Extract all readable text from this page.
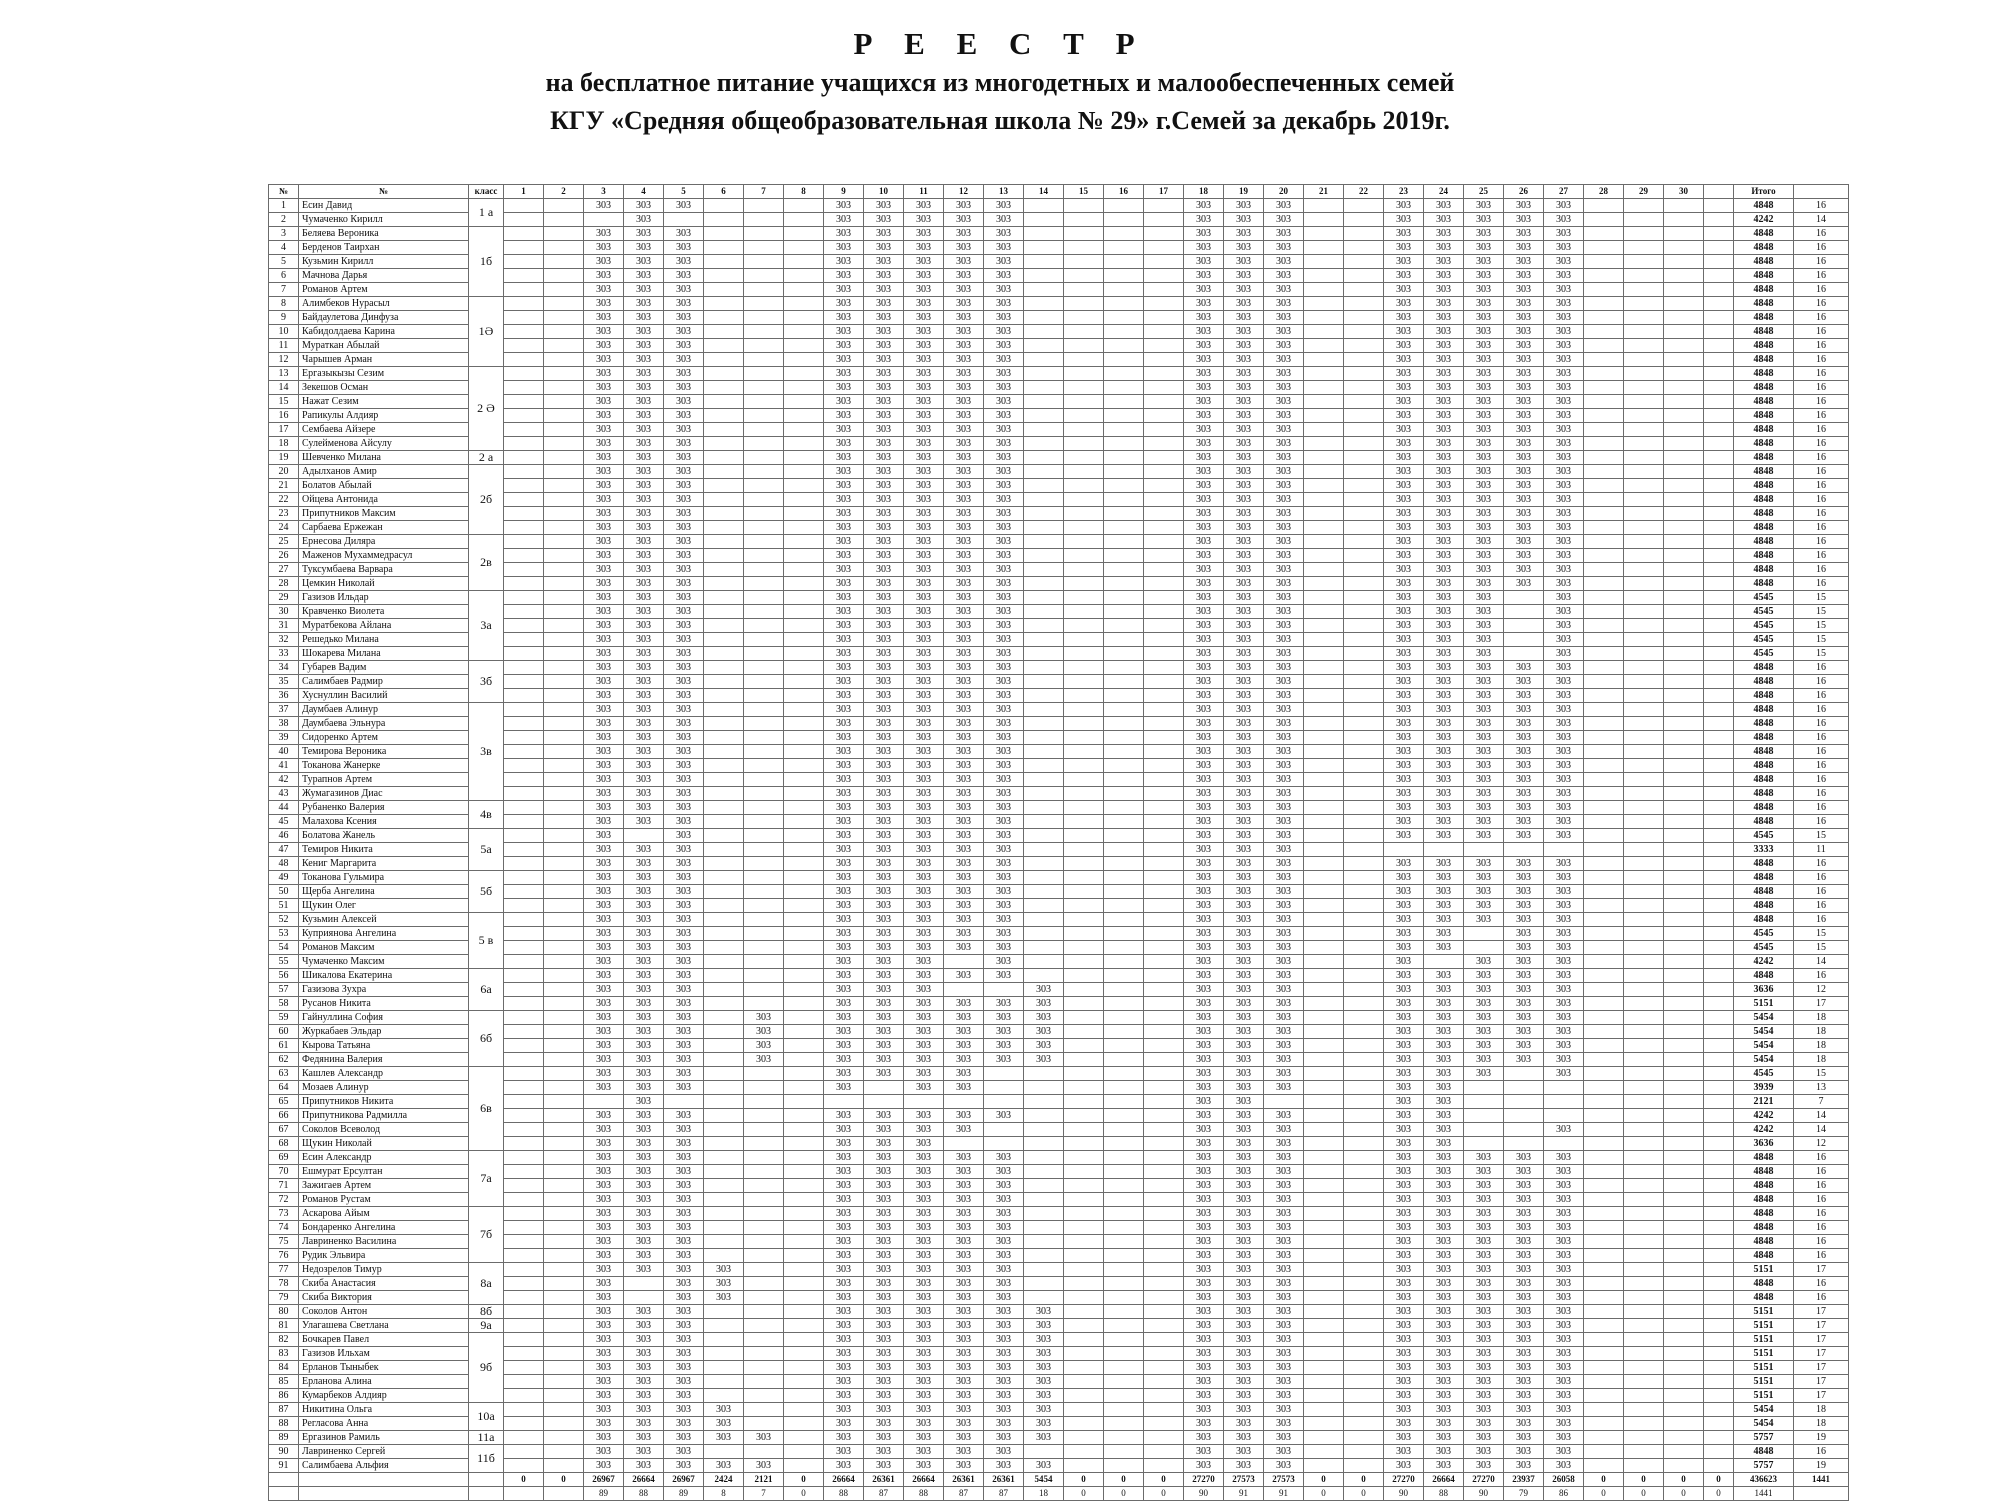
Р Е Е С Т Р
на бесплатное питание учащихся из многодетных и малообеспеченных семей
КГУ «Средняя общеобразовательная школа № 29» г.Семей за декабрь 2019г.
№	№	класс	1	2	3	4	5	6	7	8	9	10	11	12	13	14	15	16	17	18	19	20	21	22	23	24	25	26	27	28	29	30		Итого	
1	Есин Давид	1 а			303	303	303				303	303	303	303	303					303	303	303			303	303	303	303	303					4848	16
2	Чумаченко Кирилл					303					303	303	303	303	303					303	303	303			303	303	303	303	303					4242	14
3	Беляева Вероника	1б			303	303	303				303	303	303	303	303					303	303	303			303	303	303	303	303					4848	16
4	Берденов Таирхан				303	303	303				303	303	303	303	303					303	303	303			303	303	303	303	303					4848	16
5	Кузьмин Кирилл				303	303	303				303	303	303	303	303					303	303	303			303	303	303	303	303					4848	16
6	Мачнова Дарья				303	303	303				303	303	303	303	303					303	303	303			303	303	303	303	303					4848	16
7	Романов Артем				303	303	303				303	303	303	303	303					303	303	303			303	303	303	303	303					4848	16
8	Алимбеков Нурасыл	1Ә			303	303	303				303	303	303	303	303					303	303	303			303	303	303	303	303					4848	16
9	Байдаулетова Динфуза				303	303	303				303	303	303	303	303					303	303	303			303	303	303	303	303					4848	16
10	Кабидолдаева Карина				303	303	303				303	303	303	303	303					303	303	303			303	303	303	303	303					4848	16
11	Мураткан Абылай				303	303	303				303	303	303	303	303					303	303	303			303	303	303	303	303					4848	16
12	Чарышев Арман				303	303	303				303	303	303	303	303					303	303	303			303	303	303	303	303					4848	16
13	Ергазыкызы Сезим	2 Ә			303	303	303				303	303	303	303	303					303	303	303			303	303	303	303	303					4848	16
14	Зекешов Осман				303	303	303				303	303	303	303	303					303	303	303			303	303	303	303	303					4848	16
15	Нажат Сезим				303	303	303				303	303	303	303	303					303	303	303			303	303	303	303	303					4848	16
16	Рапикулы Алдияр				303	303	303				303	303	303	303	303					303	303	303			303	303	303	303	303					4848	16
17	Сембаева Айзере				303	303	303				303	303	303	303	303					303	303	303			303	303	303	303	303					4848	16
18	Сулейменова Айсулу				303	303	303				303	303	303	303	303					303	303	303			303	303	303	303	303					4848	16
19	Шевченко Милана	2 а			303	303	303				303	303	303	303	303					303	303	303			303	303	303	303	303					4848	16
20	Адылханов Амир	2б			303	303	303				303	303	303	303	303					303	303	303			303	303	303	303	303					4848	16
21	Болатов Абылай				303	303	303				303	303	303	303	303					303	303	303			303	303	303	303	303					4848	16
22	Ойцева Антонида				303	303	303				303	303	303	303	303					303	303	303			303	303	303	303	303					4848	16
23	Припутников Максим				303	303	303				303	303	303	303	303					303	303	303			303	303	303	303	303					4848	16
24	Сарбаева Ержежан				303	303	303				303	303	303	303	303					303	303	303			303	303	303	303	303					4848	16
25	Ернесова Диляра	2в			303	303	303				303	303	303	303	303					303	303	303			303	303	303	303	303					4848	16
26	Маженов Мухаммедрасул				303	303	303				303	303	303	303	303					303	303	303			303	303	303	303	303					4848	16
27	Туксумбаева Варвара				303	303	303				303	303	303	303	303					303	303	303			303	303	303	303	303					4848	16
28	Цемкин Николай				303	303	303				303	303	303	303	303					303	303	303			303	303	303	303	303					4848	16
29	Газизов Ильдар	3а			303	303	303				303	303	303	303	303					303	303	303			303	303	303		303					4545	15
30	Кравченко Виолета				303	303	303				303	303	303	303	303					303	303	303			303	303	303		303					4545	15
31	Муратбекова Айлана				303	303	303				303	303	303	303	303					303	303	303			303	303	303		303					4545	15
32	Решедько Милана				303	303	303				303	303	303	303	303					303	303	303			303	303	303		303					4545	15
33	Шокарева Милана				303	303	303				303	303	303	303	303					303	303	303			303	303	303		303					4545	15
34	Губарев Вадим	3б			303	303	303				303	303	303	303	303					303	303	303			303	303	303	303	303					4848	16
35	Салимбаев Радмир				303	303	303				303	303	303	303	303					303	303	303			303	303	303	303	303					4848	16
36	Хуснуллин Василий				303	303	303				303	303	303	303	303					303	303	303			303	303	303	303	303					4848	16
37	Даумбаев Алинур	3в			303	303	303				303	303	303	303	303					303	303	303			303	303	303	303	303					4848	16
38	Даумбаева Эльнура				303	303	303				303	303	303	303	303					303	303	303			303	303	303	303	303					4848	16
39	Сидоренко Артем				303	303	303				303	303	303	303	303					303	303	303			303	303	303	303	303					4848	16
40	Темирова Вероника				303	303	303				303	303	303	303	303					303	303	303			303	303	303	303	303					4848	16
41	Токанова Жанерке				303	303	303				303	303	303	303	303					303	303	303			303	303	303	303	303					4848	16
42	Турапнов Артем				303	303	303				303	303	303	303	303					303	303	303			303	303	303	303	303					4848	16
43	Жумагазинов Диас				303	303	303				303	303	303	303	303					303	303	303			303	303	303	303	303					4848	16
44	Рубаненко Валерия	4в			303	303	303				303	303	303	303	303					303	303	303			303	303	303	303	303					4848	16
45	Малахова Ксения				303	303	303				303	303	303	303	303					303	303	303			303	303	303	303	303					4848	16
46	Болатова Жанель	5а			303		303				303	303	303	303	303					303	303	303			303	303	303	303	303					4545	15
47	Темиров Никита				303	303	303				303	303	303	303	303					303	303	303												3333	11
48	Кениг Маргарита				303	303	303				303	303	303	303	303					303	303	303			303	303	303	303	303					4848	16
49	Токанова Гульмира	5б			303	303	303				303	303	303	303	303					303	303	303			303	303	303	303	303					4848	16
50	Щерба Ангелина				303	303	303				303	303	303	303	303					303	303	303			303	303	303	303	303					4848	16
51	Щукин Олег				303	303	303				303	303	303	303	303					303	303	303			303	303	303	303	303					4848	16
52	Кузьмин Алексей	5 в			303	303	303				303	303	303	303	303					303	303	303			303	303	303	303	303					4848	16
53	Куприянова Ангелина				303	303	303				303	303	303	303	303					303	303	303			303	303		303	303					4545	15
54	Романов Максим				303	303	303				303	303	303	303	303					303	303	303			303	303		303	303					4545	15
55	Чумаченко Максим				303	303	303				303	303	303		303					303	303	303			303		303	303	303					4242	14
56	Шикалова Екатерина	6а			303	303	303				303	303	303	303	303					303	303	303			303	303	303	303	303					4848	16
57	Газизова Зухра				303	303	303				303	303	303			303				303	303	303			303	303	303	303	303					3636	12
58	Русанов Никита				303	303	303				303	303	303	303	303	303				303	303	303			303	303	303	303	303					5151	17
59	Гайнуллина София	6б			303	303	303		303		303	303	303	303	303	303				303	303	303			303	303	303	303	303					5454	18
60	Журкабаев Эльдар				303	303	303		303		303	303	303	303	303	303				303	303	303			303	303	303	303	303					5454	18
61	Кырова Татьяна				303	303	303		303		303	303	303	303	303	303				303	303	303			303	303	303	303	303					5454	18
62	Федянина Валерия				303	303	303		303		303	303	303	303	303	303				303	303	303			303	303	303	303	303					5454	18
63	Кашлев Александр	6в			303	303	303				303	303	303	303						303	303	303			303	303	303		303					4545	15
64	Мозаев Алинур				303	303	303				303		303	303						303	303	303			303	303								3939	13
65	Припутников Никита					303														303	303				303	303								2121	7
66	Припутникова Радмилла				303	303	303				303	303	303	303	303					303	303	303			303	303								4242	14
67	Соколов Всеволод				303	303	303				303	303	303	303						303	303	303			303	303			303					4242	14
68	Щукин Николай				303	303	303				303	303	303							303	303	303			303	303								3636	12
69	Есин Александр	7а			303	303	303				303	303	303	303	303					303	303	303			303	303	303	303	303					4848	16
70	Ешмурат Ерсултан				303	303	303				303	303	303	303	303					303	303	303			303	303	303	303	303					4848	16
71	Зажигаев Артем				303	303	303				303	303	303	303	303					303	303	303			303	303	303	303	303					4848	16
72	Романов Рустам				303	303	303				303	303	303	303	303					303	303	303			303	303	303	303	303					4848	16
73	Аскарова Айым	7б			303	303	303				303	303	303	303	303					303	303	303			303	303	303	303	303					4848	16
74	Бондаренко Ангелина				303	303	303				303	303	303	303	303					303	303	303			303	303	303	303	303					4848	16
75	Лавриненко Василина				303	303	303				303	303	303	303	303					303	303	303			303	303	303	303	303					4848	16
76	Рудик Эльвира				303	303	303				303	303	303	303	303					303	303	303			303	303	303	303	303					4848	16
77	Недозрелов Тимур	8а			303	303	303	303			303	303	303	303	303					303	303	303			303	303	303	303	303					5151	17
78	Скиба Анастасия				303		303	303			303	303	303	303	303					303	303	303			303	303	303	303	303					4848	16
79	Скиба Виктория				303		303	303			303	303	303	303	303					303	303	303			303	303	303	303	303					4848	16
80	Соколов Антон	8б			303	303	303				303	303	303	303	303	303				303	303	303			303	303	303	303	303					5151	17
81	Улагашева Светлана	9а			303	303	303				303	303	303	303	303	303				303	303	303			303	303	303	303	303					5151	17
82	Бочкарев Павел	9б			303	303	303				303	303	303	303	303	303				303	303	303			303	303	303	303	303					5151	17
83	Газизов Ильхам				303	303	303				303	303	303	303	303	303				303	303	303			303	303	303	303	303					5151	17
84	Ерланов Тыныбек				303	303	303				303	303	303	303	303	303				303	303	303			303	303	303	303	303					5151	17
85	Ерланова Алина				303	303	303				303	303	303	303	303	303				303	303	303			303	303	303	303	303					5151	17
86	Кумарбеков Алдияр				303	303	303				303	303	303	303	303	303				303	303	303			303	303	303	303	303					5151	17
87	Никитина Ольга	10а			303	303	303	303			303	303	303	303	303	303				303	303	303			303	303	303	303	303					5454	18
88	Регласова Анна				303	303	303	303			303	303	303	303	303	303				303	303	303			303	303	303	303	303					5454	18
89	Ергазинов Рамиль	11а			303	303	303	303	303		303	303	303	303	303	303				303	303	303			303	303	303	303	303					5757	19
90	Лавриненко Сергей	11б			303	303	303				303	303	303	303	303					303	303	303			303	303	303	303	303					4848	16
91	Салимбаева Альфия				303	303	303	303	303		303	303	303	303	303	303				303	303	303			303	303	303	303	303					5757	19
			0	0	26967	26664	26967	2424	2121	0	26664	26361	26664	26361	26361	5454	0	0	0	27270	27573	27573	0	0	27270	26664	27270	23937	26058	0	0	0	0	436623	1441
					89	88	89	8	7	0	88	87	88	87	87	18	0	0	0	90	91	91	0	0	90	88	90	79	86	0	0	0	0	1441	
